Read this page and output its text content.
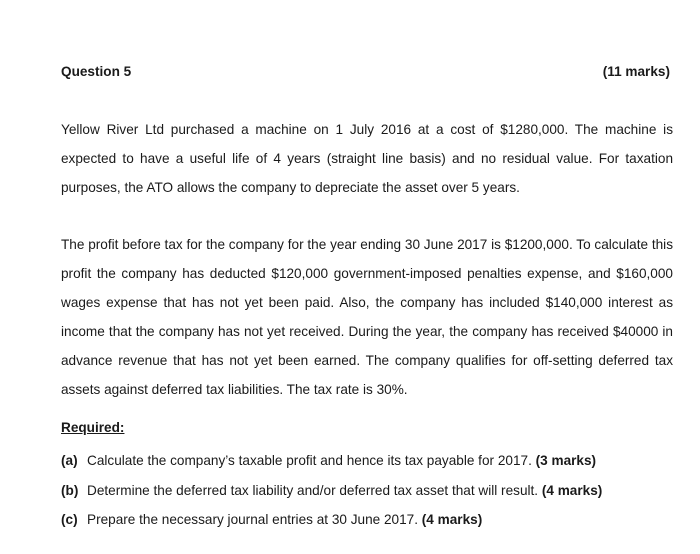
Question 5	(11 marks)

Yellow River Ltd purchased a machine on 1 July 2016 at a cost of $1280,000. The machine is expected to have a useful life of 4 years (straight line basis) and no residual value. For taxation purposes, the ATO allows the company to depreciate the asset over 5 years.

The profit before tax for the company for the year ending 30 June 2017 is $1200,000. To calculate this profit the company has deducted $120,000 government-imposed penalties expense, and $160,000 wages expense that has not yet been paid. Also, the company has included $140,000 interest as income that the company has not yet received. During the year, the company has received $40000 in advance revenue that has not yet been earned. The company qualifies for off-setting deferred tax assets against deferred tax liabilities. The tax rate is 30%.

Required:
(a) Calculate the company’s taxable profit and hence its tax payable for 2017. (3 marks)
(b) Determine the deferred tax liability and/or deferred tax asset that will result. (4 marks)
(c) Prepare the necessary journal entries at 30 June 2017. (4 marks)
